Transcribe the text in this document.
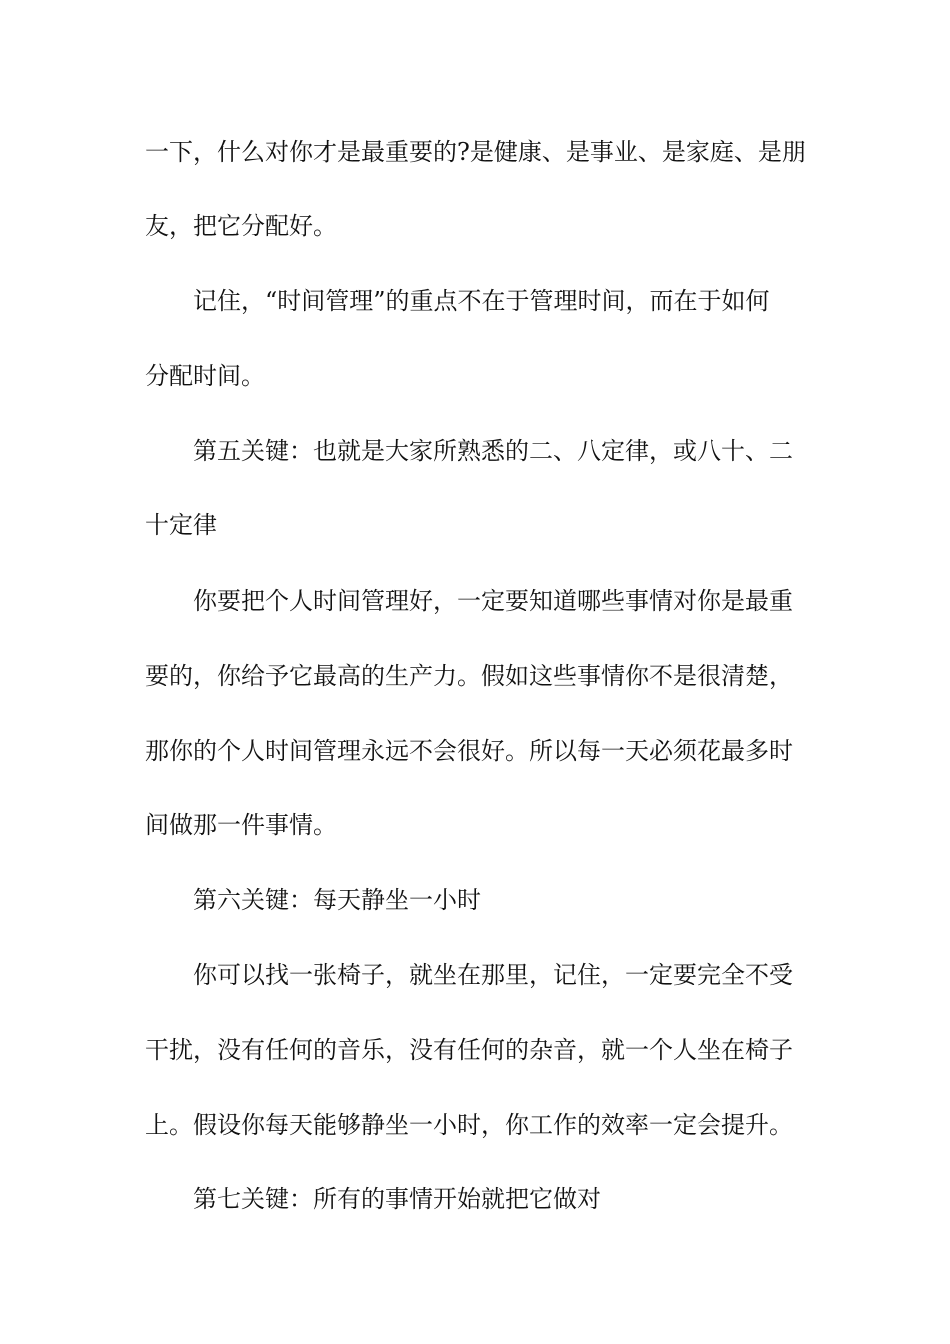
一下，什么对你才是最重要的?是健康、是事业、是家庭、是朋
友，把它分配好。
记住，“时间管理”的重点不在于管理时间，而在于如何
分配时间。
第五关键：也就是大家所熟悉的二、八定律，或八十、二
十定律
你要把个人时间管理好，一定要知道哪些事情对你是最重
要的，你给予它最高的生产力。假如这些事情你不是很清楚，
那你的个人时间管理永远不会很好。所以每一天必须花最多时
间做那一件事情。
第六关键：每天静坐一小时
你可以找一张椅子，就坐在那里，记住，一定要完全不受
干扰，没有任何的音乐，没有任何的杂音，就一个人坐在椅子
上。假设你每天能够静坐一小时，你工作的效率一定会提升。
第七关键：所有的事情开始就把它做对
